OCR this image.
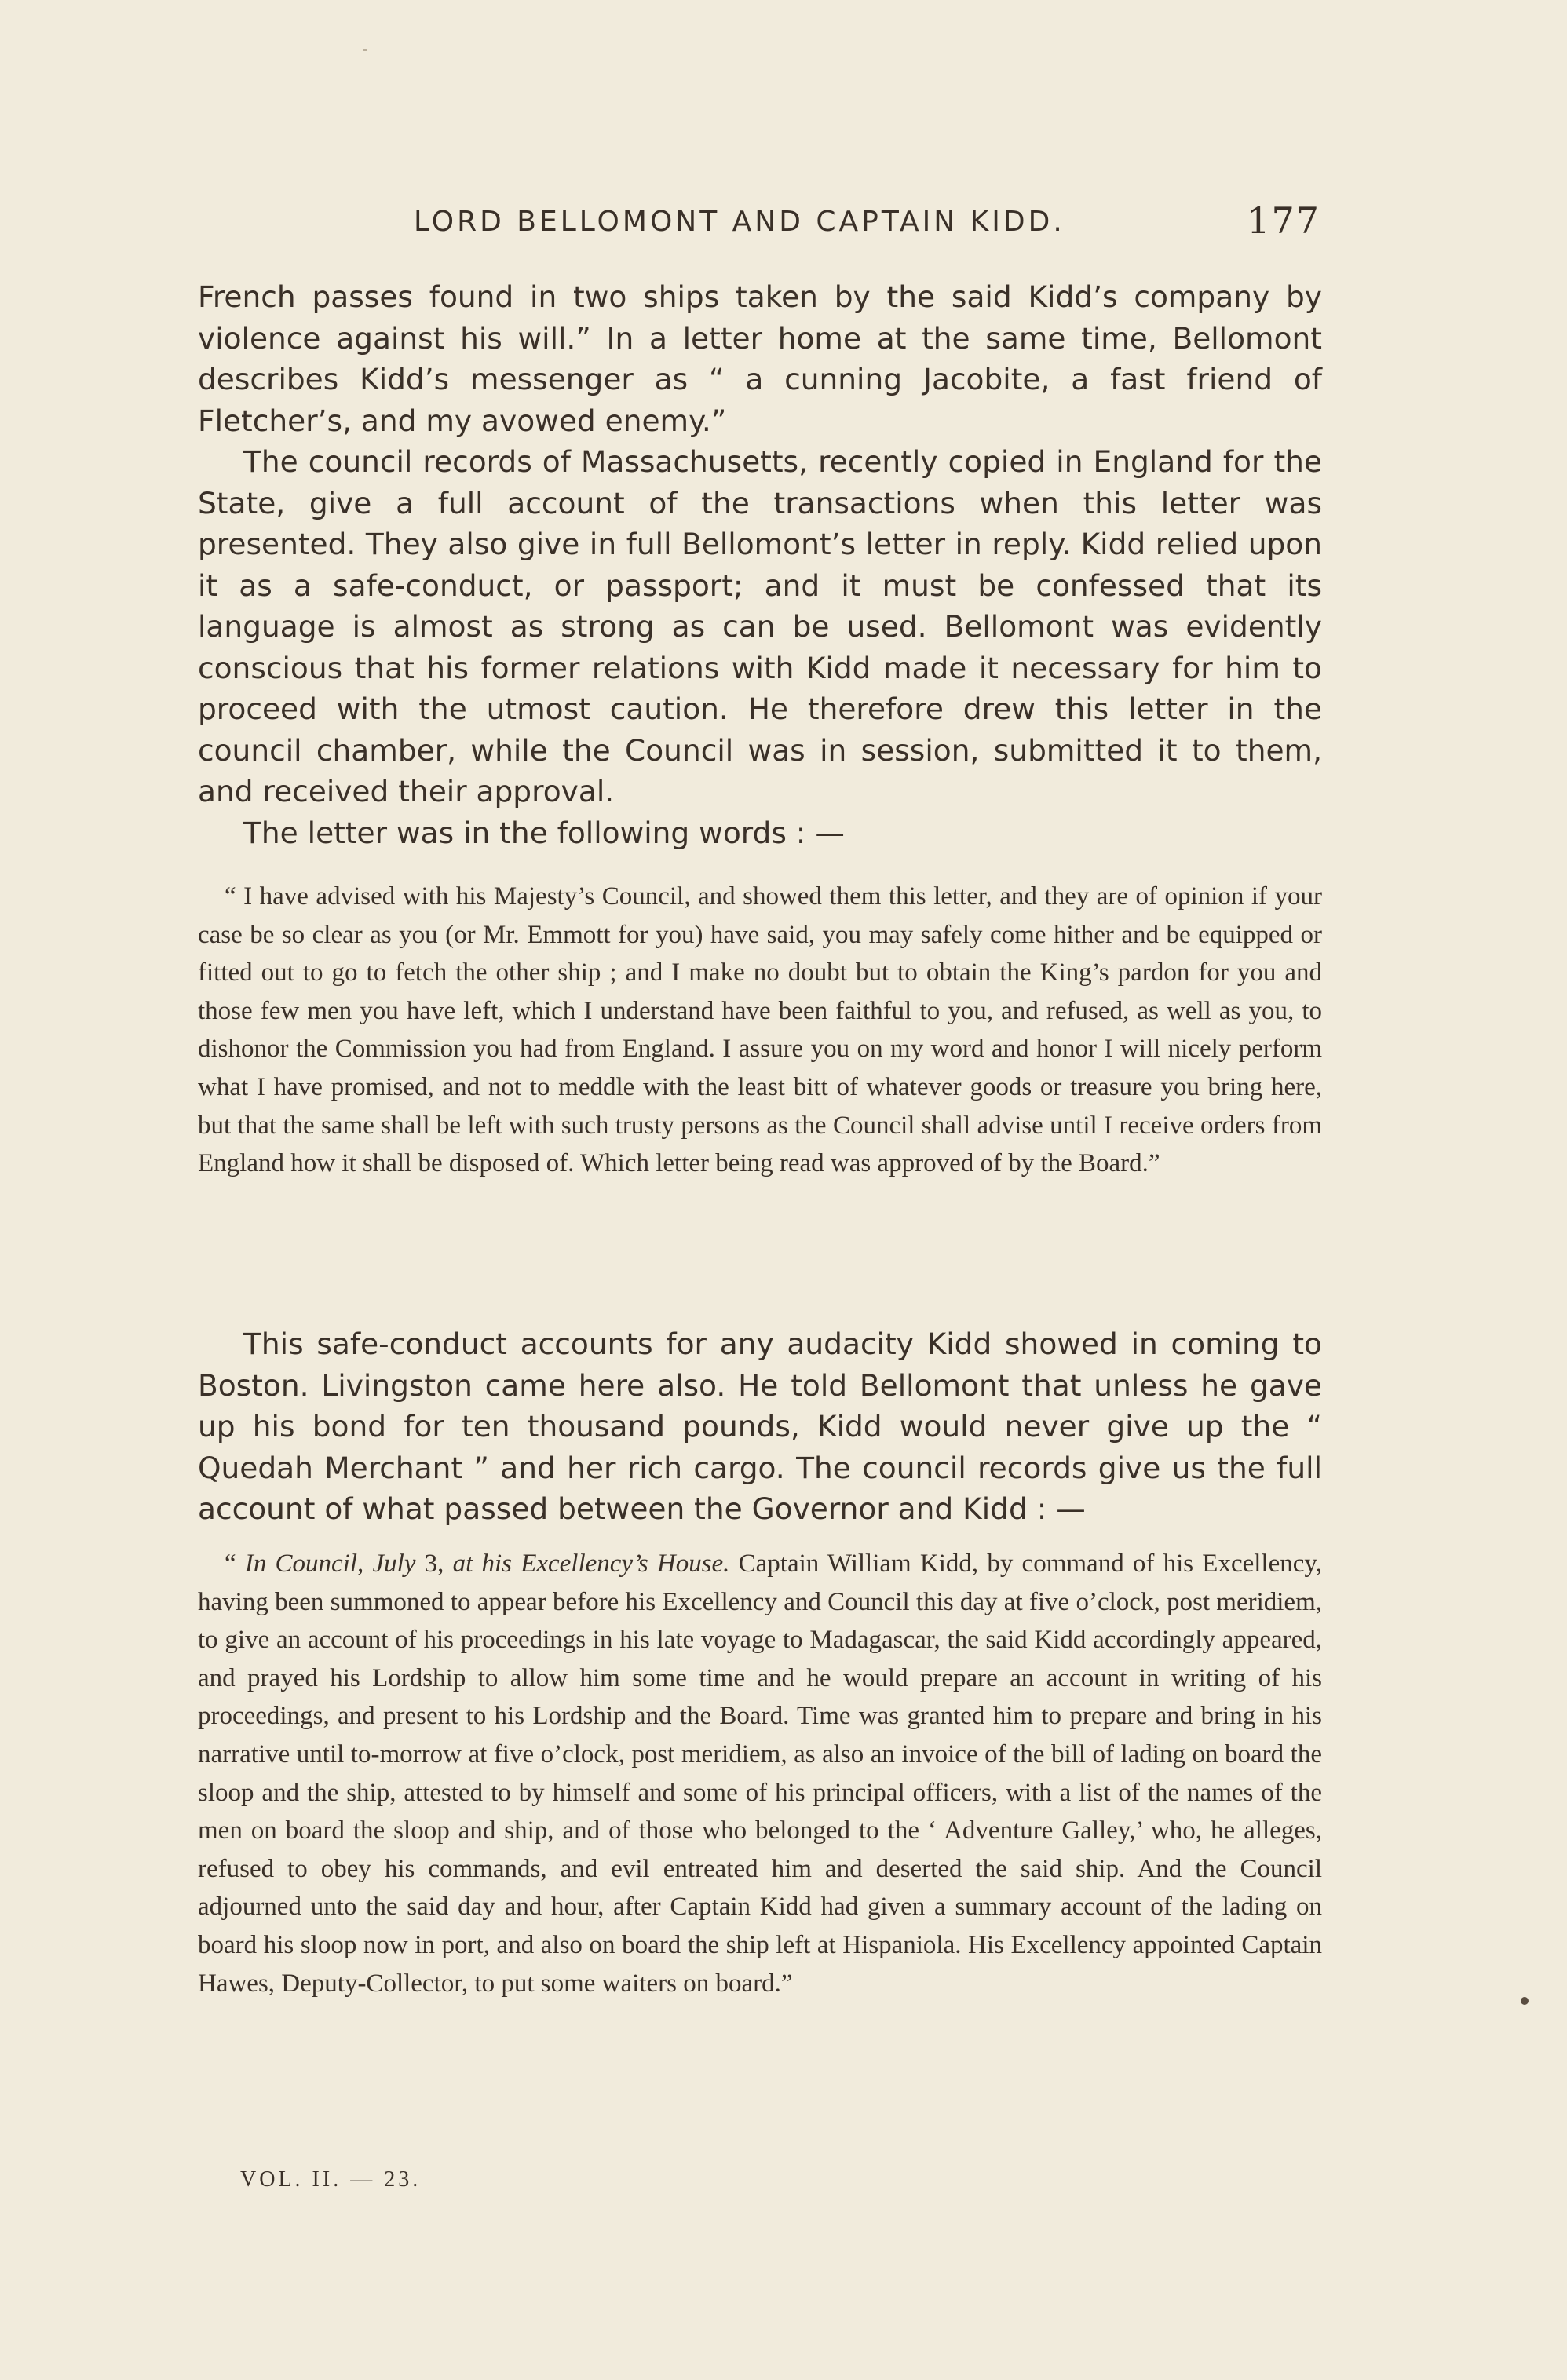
LORD BELLOMONT AND CAPTAIN KIDD.	177

French passes found in two ships taken by the said Kidd’s company by violence against his will.” In a letter home at the same time, Bellomont describes Kidd’s messenger as “ a cunning Jacobite, a fast friend of Fletcher’s, and my avowed enemy.”

The council records of Massachusetts, recently copied in England for the State, give a full account of the transactions when this letter was presented. They also give in full Bellomont’s letter in reply. Kidd relied upon it as a safe-conduct, or passport; and it must be confessed that its language is almost as strong as can be used. Bellomont was evidently conscious that his former relations with Kidd made it necessary for him to proceed with the utmost caution. He therefore drew this letter in the council chamber, while the Council was in session, submitted it to them, and received their approval.

The letter was in the following words : —

“ I have advised with his Majesty’s Council, and showed them this letter, and they are of opinion if your case be so clear as you (or Mr. Emmott for you) have said, you may safely come hither and be equipped or fitted out to go to fetch the other ship ; and I make no doubt but to obtain the King’s pardon for you and those few men you have left, which I understand have been faithful to you, and refused, as well as you, to dishonor the Commission you had from England. I assure you on my word and honor I will nicely perform what I have promised, and not to meddle with the least bitt of whatever goods or treasure you bring here, but that the same shall be left with such trusty persons as the Council shall advise until I receive orders from England how it shall be disposed of. Which letter being read was approved of by the Board.”

This safe-conduct accounts for any audacity Kidd showed in coming to Boston. Livingston came here also. He told Bellomont that unless he gave up his bond for ten thousand pounds, Kidd would never give up the “ Quedah Merchant ” and her rich cargo. The council records give us the full account of what passed between the Governor and Kidd : —

“ In Council, July 3, at his Excellency’s House. Captain William Kidd, by command of his Excellency, having been summoned to appear before his Excellency and Council this day at five o’clock, post meridiem, to give an account of his proceedings in his late voyage to Madagascar, the said Kidd accordingly appeared, and prayed his Lordship to allow him some time and he would prepare an account in writing of his proceedings, and present to his Lordship and the Board. Time was granted him to prepare and bring in his narrative until to-morrow at five o’clock, post meridiem, as also an invoice of the bill of lading on board the sloop and the ship, attested to by himself and some of his principal officers, with a list of the names of the men on board the sloop and ship, and of those who belonged to the ‘ Adventure Galley,’ who, he alleges, refused to obey his commands, and evil entreated him and deserted the said ship. And the Council adjourned unto the said day and hour, after Captain Kidd had given a summary account of the lading on board his sloop now in port, and also on board the ship left at Hispaniola. His Excellency appointed Captain Hawes, Deputy-Collector, to put some waiters on board.”

VOL. II. — 23.
